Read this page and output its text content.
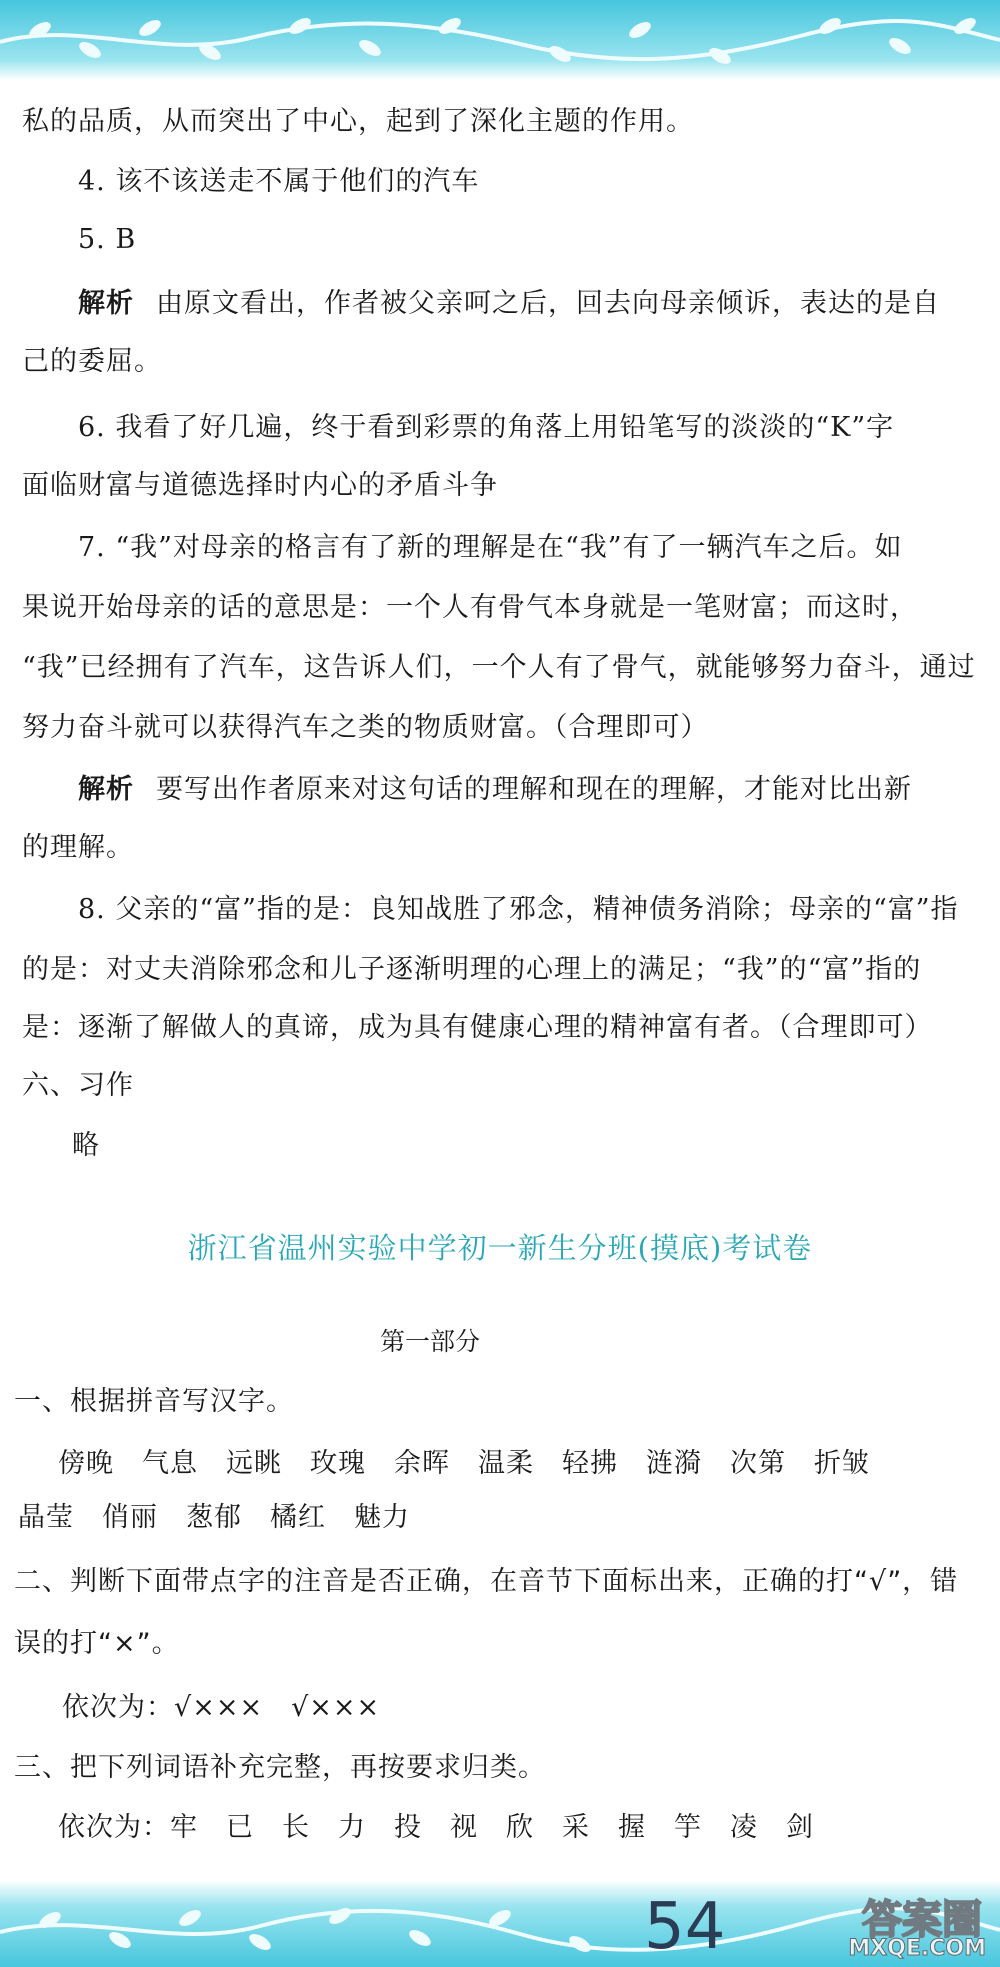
私的品质，从而突出了中心，起到了深化主题的作用。
4. 该不该送走不属于他们的汽车
5. B
解析 由原文看出，作者被父亲呵之后，回去向母亲倾诉，表达的是自
己的委屈。
6. 我看了好几遍，终于看到彩票的角落上用铅笔写的淡淡的“K”字
面临财富与道德选择时内心的矛盾斗争
7. “我”对母亲的格言有了新的理解是在“我”有了一辆汽车之后。如
果说开始母亲的话的意思是：一个人有骨气本身就是一笔财富；而这时，
“我”已经拥有了汽车，这告诉人们，一个人有了骨气，就能够努力奋斗，通过
努力奋斗就可以获得汽车之类的物质财富。（合理即可）
解析 要写出作者原来对这句话的理解和现在的理解，才能对比出新
的理解。
8. 父亲的“富”指的是：良知战胜了邪念，精神债务消除；母亲的“富”指
的是：对丈夫消除邪念和儿子逐渐明理的心理上的满足；“我”的“富”指的
是：逐渐了解做人的真谛，成为具有健康心理的精神富有者。（合理即可）
六、习作
略
浙江省温州实验中学初一新生分班(摸底)考试卷
第一部分
一、根据拼音写汉字。
傍晚　气息　远眺　玫瑰　余晖　温柔　轻拂　涟漪　次第　折皱
晶莹　俏丽　葱郁　橘红　魅力
二、判断下面带点字的注音是否正确，在音节下面标出来，正确的打“√”，错
误的打“×”。
依次为：√×××　√×××
三、把下列词语补充完整，再按要求归类。
依次为：牢　已　长　力　投　视　欣　采　握　竽　凌　剑
54	答案圈
MXQE.COM
